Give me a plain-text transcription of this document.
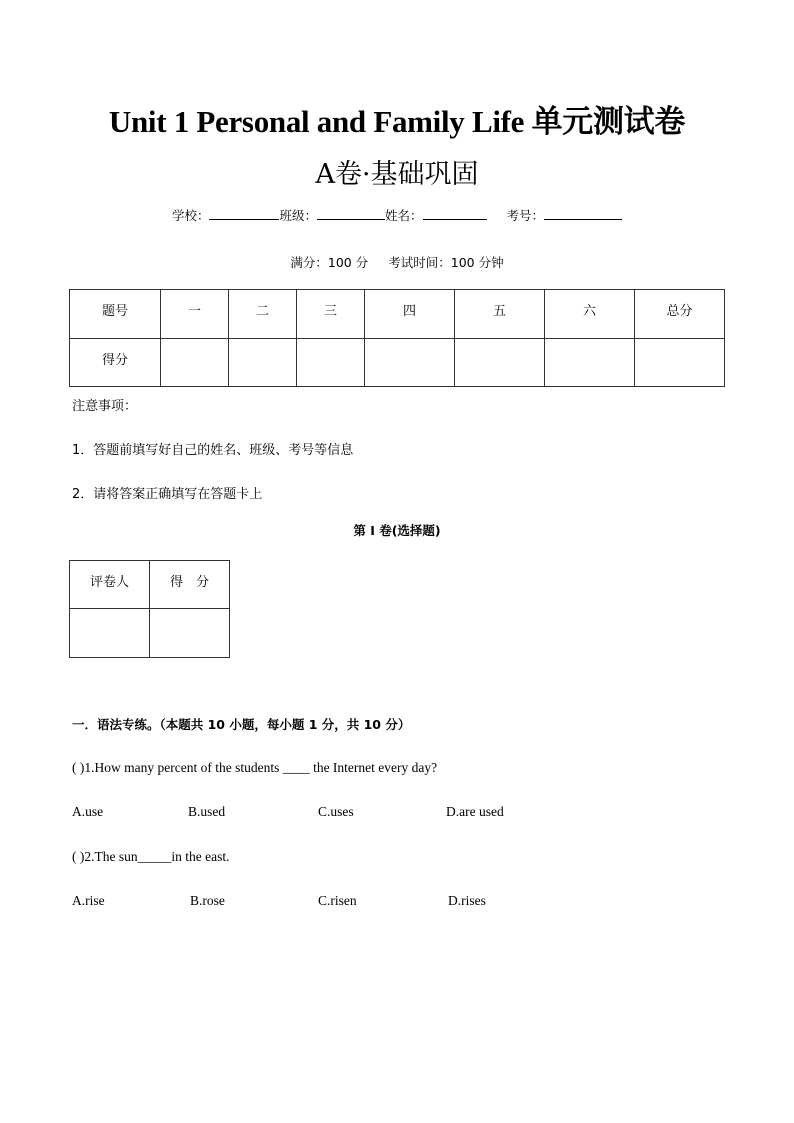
Unit 1 Personal and Family Life 单元测试卷
A卷·基础巩固
学校：	班级：	姓名：	考号：
满分：100 分 考试时间：100 分钟
题号	一	二	三	四	五	六	总分
得分							
注意事项：
1．答题前填写好自己的姓名、班级、考号等信息
2．请将答案正确填写在答题卡上
第 I 卷(选择题)
评卷人	得　分

一．语法专练。（本题共 10 小题，每小题 1 分，共 10 分）
( )1.How many percent of the students ____ the Internet every day?
A.use	B.used	C.uses	D.are used
( )2.The sun_____in the east.
A.rise	B.rose	C.risen	D.rises
